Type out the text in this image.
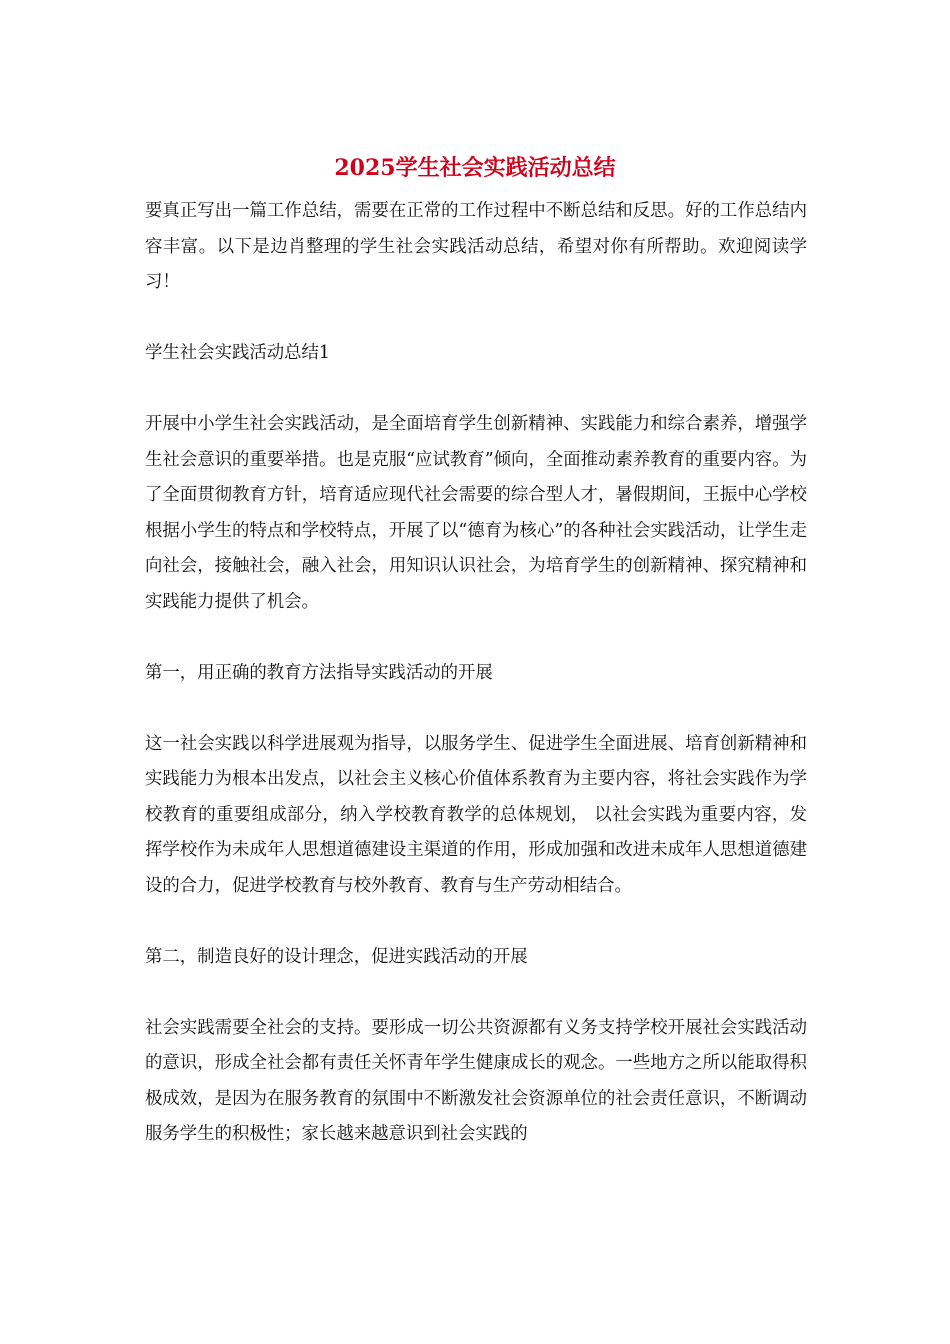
2025学生社会实践活动总结

要真正写出一篇工作总结，需要在正常的工作过程中不断总结和反思。好的工作总结内容丰富。以下是边肖整理的学生社会实践活动总结，希望对你有所帮助。欢迎阅读学习！

学生社会实践活动总结1

开展中小学生社会实践活动，是全面培育学生创新精神、实践能力和综合素养，增强学生社会意识的重要举措。也是克服“应试教育”倾向，全面推动素养教育的重要内容。为了全面贯彻教育方针，培育适应现代社会需要的综合型人才，暑假期间，王振中心学校根据小学生的特点和学校特点，开展了以“德育为核心”的各种社会实践活动，让学生走向社会，接触社会，融入社会，用知识认识社会，为培育学生的创新精神、探究精神和实践能力提供了机会。

第一，用正确的教育方法指导实践活动的开展

这一社会实践以科学进展观为指导，以服务学生、促进学生全面进展、培育创新精神和实践能力为根本出发点，以社会主义核心价值体系教育为主要内容，将社会实践作为学校教育的重要组成部分，纳入学校教育教学的总体规划， 以社会实践为重要内容，发挥学校作为未成年人思想道德建设主渠道的作用，形成加强和改进未成年人思想道德建设的合力，促进学校教育与校外教育、教育与生产劳动相结合。

第二，制造良好的设计理念，促进实践活动的开展

社会实践需要全社会的支持。要形成一切公共资源都有义务支持学校开展社会实践活动的意识，形成全社会都有责任关怀青年学生健康成长的观念。一些地方之所以能取得积极成效，是因为在服务教育的氛围中不断激发社会资源单位的社会责任意识，不断调动服务学生的积极性；家长越来越意识到社会实践的
